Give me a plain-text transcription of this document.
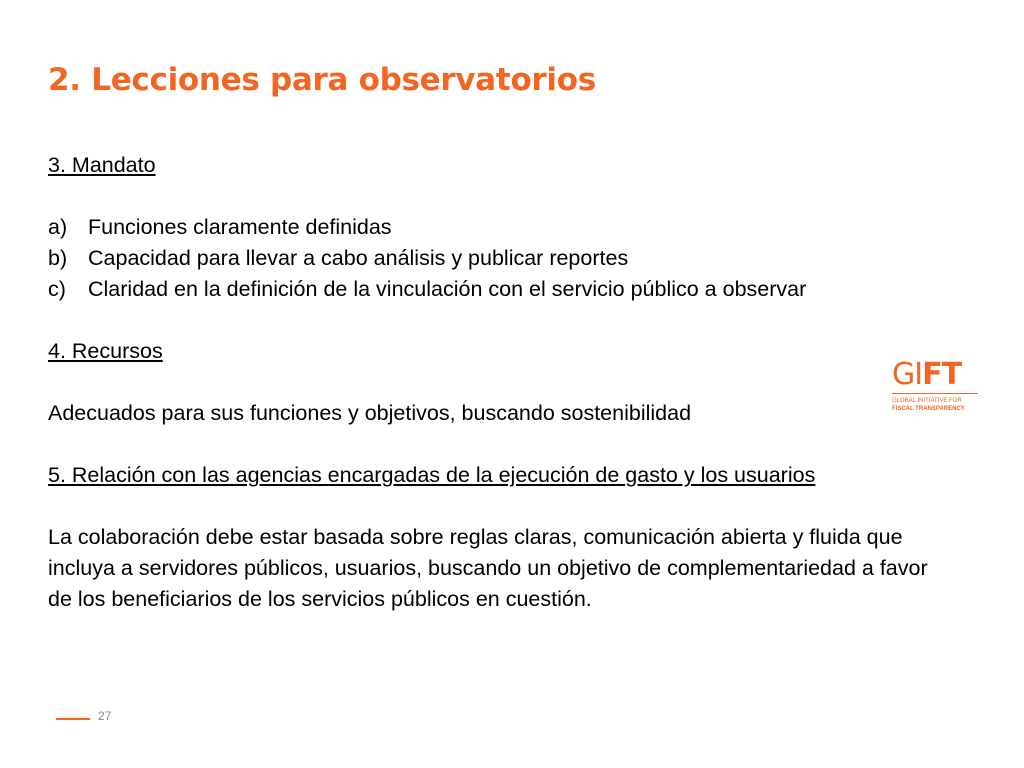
2. Lecciones para observatorios
3. Mandato
a) Funciones claramente definidas
b) Capacidad para llevar a cabo análisis y publicar reportes
c)	Claridad en la definición de la vinculación con el servicio público a observar
4. Recursos
Adecuados para sus funciones y objetivos, buscando sostenibilidad
5. Relación con las agencias encargadas de la ejecución de gasto y los usuarios
La colaboración debe estar basada sobre reglas claras, comunicación abierta y fluida que incluya a servidores públicos, usuarios, buscando un objetivo de complementariedad a favor de los beneficiarios de los servicios públicos en cuestión.
GIFT
GLOBAL INITIATIVE FOR
FISCAL TRANSPARENCY
27
